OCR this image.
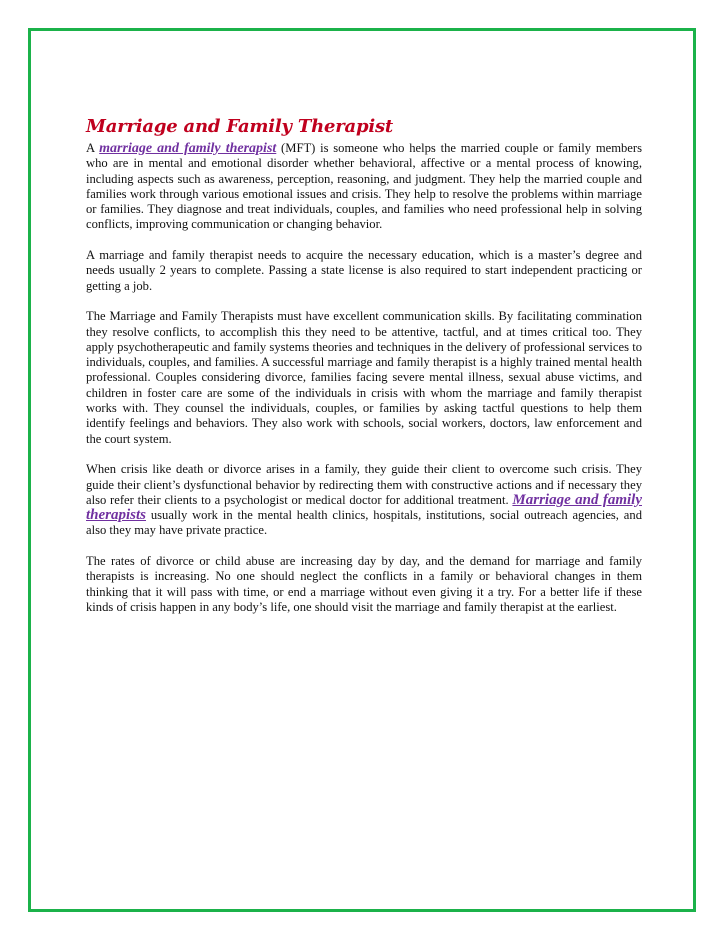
Marriage and Family Therapist

A marriage and family therapist (MFT) is someone who helps the married couple or family members who are in mental and emotional disorder whether behavioral, affective or a mental process of knowing, including aspects such as awareness, perception, reasoning, and judgment. They help the married couple and families work through various emotional issues and crisis. They help to resolve the problems within marriage or families. They diagnose and treat individuals, couples, and families who need professional help in solving conflicts, improving communication or changing behavior.

A marriage and family therapist needs to acquire the necessary education, which is a master’s degree and needs usually 2 years to complete. Passing a state license is also required to start independent practicing or getting a job.

The Marriage and Family Therapists must have excellent communication skills. By facilitating commination they resolve conflicts, to accomplish this they need to be attentive, tactful, and at times critical too. They apply psychotherapeutic and family systems theories and techniques in the delivery of professional services to individuals, couples, and families. A successful marriage and family therapist is a highly trained mental health professional. Couples considering divorce, families facing severe mental illness, sexual abuse victims, and children in foster care are some of the individuals in crisis with whom the marriage and family therapist works with. They counsel the individuals, couples, or families by asking tactful questions to help them identify feelings and behaviors. They also work with schools, social workers, doctors, law enforcement and the court system.

When crisis like death or divorce arises in a family, they guide their client to overcome such crisis. They guide their client’s dysfunctional behavior by redirecting them with constructive actions and if necessary they also refer their clients to a psychologist or medical doctor for additional treatment. Marriage and family therapists usually work in the mental health clinics, hospitals, institutions, social outreach agencies, and also they may have private practice.

The rates of divorce or child abuse are increasing day by day, and the demand for marriage and family therapists is increasing. No one should neglect the conflicts in a family or behavioral changes in them thinking that it will pass with time, or end a marriage without even giving it a try. For a better life if these kinds of crisis happen in any body’s life, one should visit the marriage and family therapist at the earliest.
